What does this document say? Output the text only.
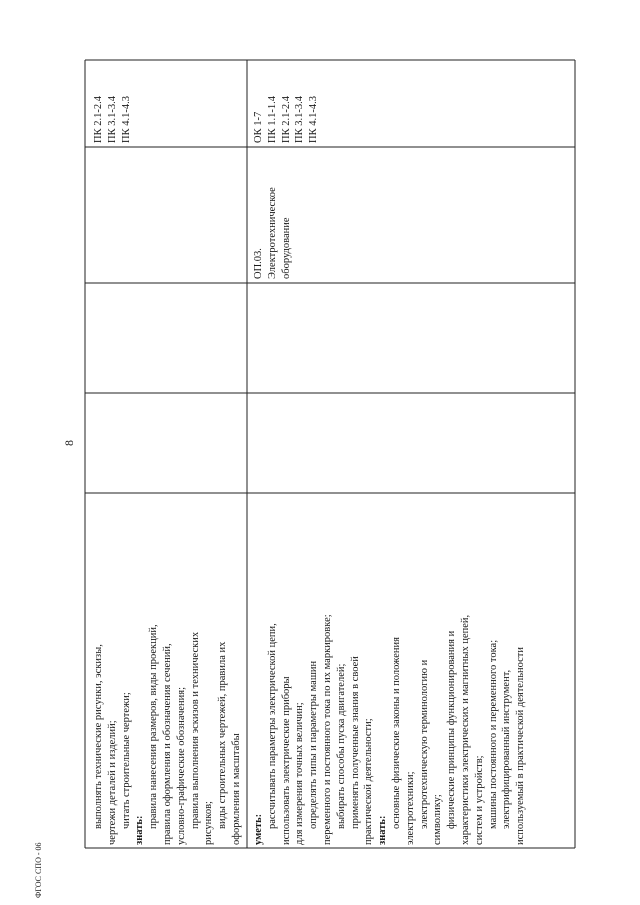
8
ФГОС СПО - 06
выполнять технические рисунки, эскизы, чертежи деталей и изделий; читать строительные чертежи;
знать:
правила нанесения размеров, виды проекций, правила оформления и обозначения сечений, условно-графические обозначения; правила выполнения эскизов и технических рисунков; виды строительных чертежей, правила их оформления и масштабы
ПК 2.1-2.4 ПК 3.1-3.4 ПК 4.1-4.3
уметь:
рассчитывать параметры электрической цепи, использовать электрические приборы для измерения точных величин; определять типы и параметры машин переменного и постоянного тока по их маркировке; выбирать способы пуска двигателей; применять полученные знания в своей практической деятельности; знать:
основные физические законы и положения электротехники; электротехническую терминологию и символику; физические принципы функционирования и характеристики электрических и магнитных цепей, систем и устройств; машины постоянного и переменного тока; электрифицированный инструмент, используемый в практической деятельности
ОП.03. Электротехническое оборудование
ОК 1-7 ПК 1.1-1.4 ПК 2.1-2.4 ПК 3.1-3.4 ПК 4.1-4.3
